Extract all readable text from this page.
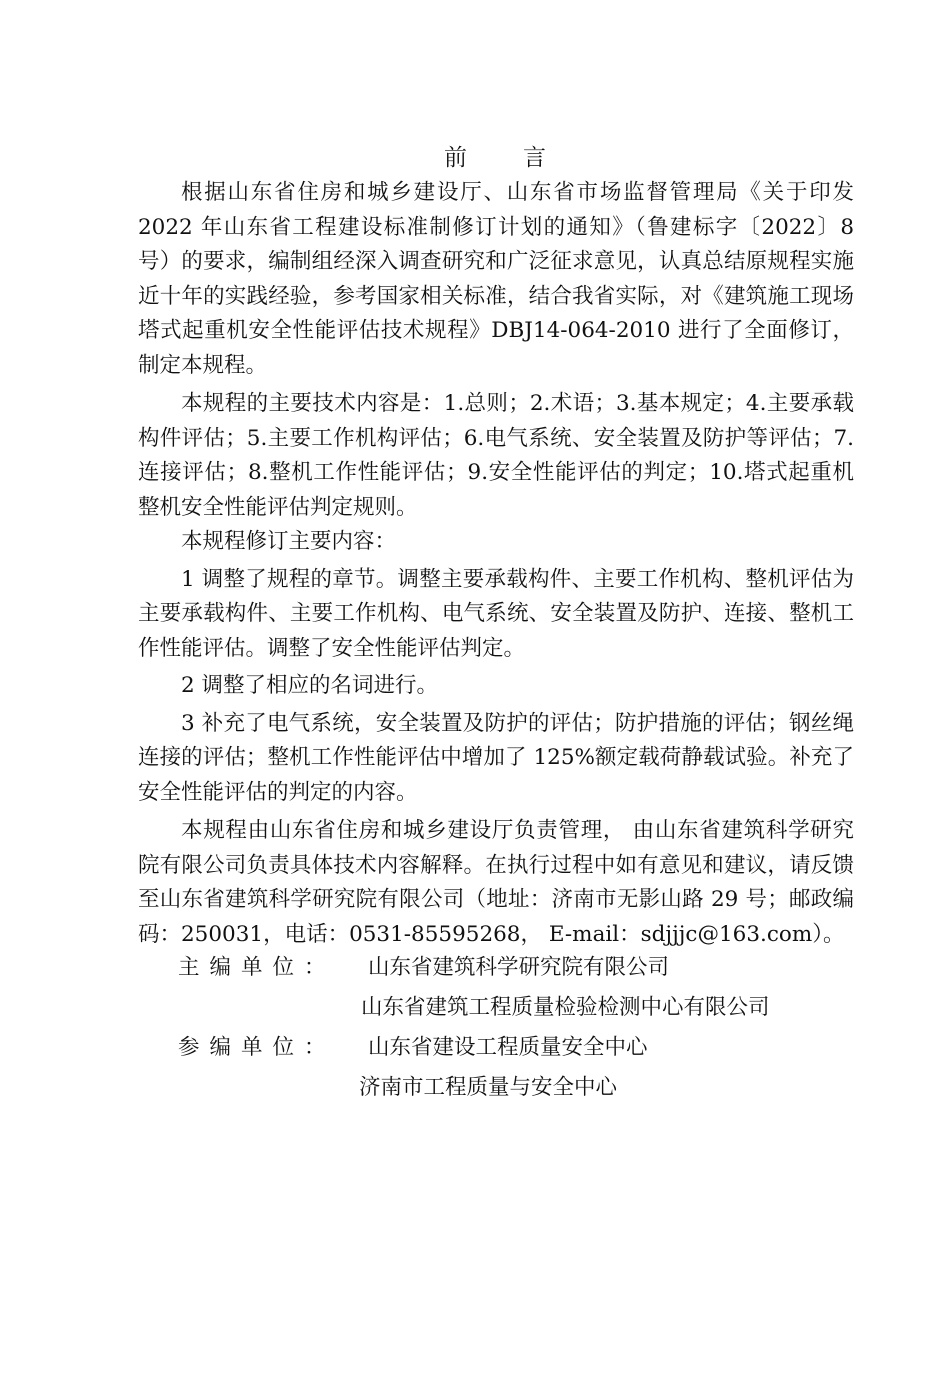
前 言

根据山东省住房和城乡建设厅、山东省市场监督管理局《关于印发 2022 年山东省工程建设标准制修订计划的通知》（鲁建标字〔2022〕8 号）的要求，编制组经深入调查研究和广泛征求意见，认真总结原规程实施近十年的实践经验，参考国家相关标准，结合我省实际，对《建筑施工现场塔式起重机安全性能评估技术规程》DBJ14-064-2010 进行了全面修订，制定本规程。

本规程的主要技术内容是：1.总则；2.术语；3.基本规定；4.主要承载构件评估；5.主要工作机构评估；6.电气系统、安全装置及防护等评估；7.连接评估；8.整机工作性能评估；9.安全性能评估的判定；10.塔式起重机整机安全性能评估判定规则。

本规程修订主要内容：

1 调整了规程的章节。调整主要承载构件、主要工作机构、整机评估为主要承载构件、主要工作机构、电气系统、安全装置及防护、连接、整机工作性能评估。调整了安全性能评估判定。

2 调整了相应的名词进行。

3 补充了电气系统，安全装置及防护的评估；防护措施的评估；钢丝绳连接的评估；整机工作性能评估中增加了 125%额定载荷静载试验。补充了安全性能评估的判定的内容。

本规程由山东省住房和城乡建设厅负责管理， 由山东省建筑科学研究院有限公司负责具体技术内容解释。在执行过程中如有意见和建议，请反馈至山东省建筑科学研究院有限公司（地址：济南市无影山路 29 号；邮政编码：250031，电话：0531-85595268， E-mail：sdjjjc@163.com）。

主编单位： 山东省建筑科学研究院有限公司
山东省建筑工程质量检验检测中心有限公司
参编单位： 山东省建设工程质量安全中心
济南市工程质量与安全中心
